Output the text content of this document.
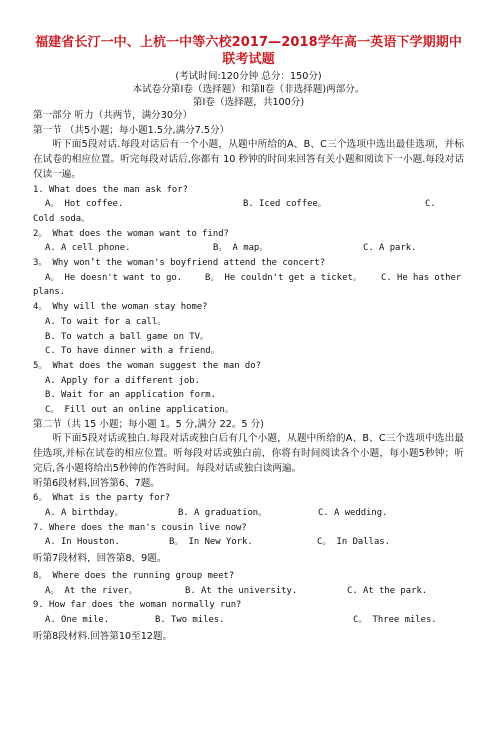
福建省长汀一中、上杭一中等六校2017—2018学年高一英语下学期期中
联考试题
(考试时间:120分钟 总分：150分)
本试卷分第Ⅰ卷（选择题）和第Ⅱ卷（非选择题)两部分。
第Ⅰ卷（选择题，共100分)
第一部分 听力（共两节，满分30分）
第一节 （共5小题；每小题1.5分,满分7.5分）
听下面5段对话.每段对话后有一个小题，从题中所给的A、B、C三个选项中选出最佳选项，并标在试卷的相应位置。听完每段对话后,你都有 10 秒钟的时间来回答有关小题和阅读下一小题.每段对话仅读一遍。
1. What does the man ask for?
A。 Hot coffee.	B. Iced coffee。	C.
Cold soda。
2。 What does the woman want to find?
A. A cell phone.	B。 A map。	C. A park.
3。 Why won’t the woman's boyfriend attend the concert?
A。 He doesn't want to go.	B。 He couldn't get a ticket。	C. He has other
plans.
4。 Why will the woman stay home?
A. To wait for a call。
B. To watch a ball game on TV。
C. To have dinner with a friend。
5。 What does the woman suggest the man do?
A. Apply for a different job.
B. Wait for an application form.
C。 Fill out an online application。
第二节（共 15 小题；每小题 1。5 分,满分 22。5 分)
听下面5段对话或独白.每段对话或独白后有几个小题，从题中所给的A、B、C三个选项中选出最佳选项,并标在试卷的相应位置。听每段对话或独白前，你将有时间阅读各个小题，每小题5秒钟；听完后,各小题将给出5秒钟的作答时间。每段对话或独白读两遍。
听第6段材料,回答第6、7题。
6。 What is the party for?
A. A birthday。	B. A graduation。	C. A wedding.
7. Where does the man's cousin live now?
A. In Houston.	B。 In New York.	C。 In Dallas.
听第7段材料，回答第8、9题。
8。 Where does the running group meet?
A。 At the river。	B. At the university.	C. At the park.
9. How far does the woman normally run?
A. One mile.	B. Two miles.	C。 Three miles.
听第8段材料.回答第10至12题。
